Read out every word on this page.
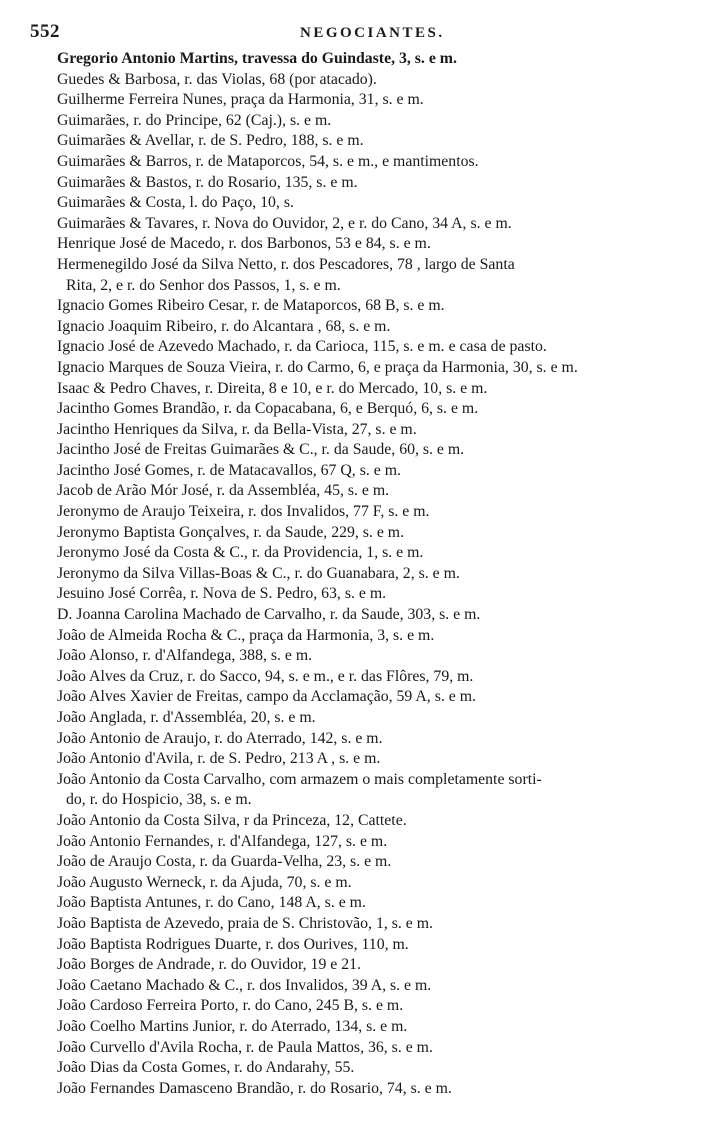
552	NEGOCIANTES.
Gregorio Antonio Martins, travessa do Guindaste, 3, s. e m.
Guedes & Barbosa, r. das Violas, 68 (por atacado).
Guilherme Ferreira Nunes, praça da Harmonia, 31, s. e m.
Guimarães, r. do Principe, 62 (Caj.), s. e m.
Guimarães & Avellar, r. de S. Pedro, 188, s. e m.
Guimarães & Barros, r. de Mataporcos, 54, s. e m., e mantimentos.
Guimarães & Bastos, r. do Rosario, 135, s. e m.
Guimarães & Costa, l. do Paço, 10, s.
Guimarães & Tavares, r. Nova do Ouvidor, 2, e r. do Cano, 34 A, s. e m.
Henrique José de Macedo, r. dos Barbonos, 53 e 84, s. e m.
Hermenegildo José da Silva Netto, r. dos Pescadores, 78 , largo de Santa
Rita, 2, e r. do Senhor dos Passos, 1, s. e m.
Ignacio Gomes Ribeiro Cesar, r. de Mataporcos, 68 B, s. e m.
Ignacio Joaquim Ribeiro, r. do Alcantara , 68, s. e m.
Ignacio José de Azevedo Machado, r. da Carioca, 115, s. e m. e casa de pasto.
Ignacio Marques de Souza Vieira, r. do Carmo, 6, e praça da Harmonia, 30, s. e m.
Isaac & Pedro Chaves, r. Direita, 8 e 10, e r. do Mercado, 10, s. e m.
Jacintho Gomes Brandão, r. da Copacabana, 6, e Berquó, 6, s. e m.
Jacintho Henriques da Silva, r. da Bella-Vista, 27, s. e m.
Jacintho José de Freitas Guimarães & C., r. da Saude, 60, s. e m.
Jacintho José Gomes, r. de Matacavallos, 67 Q, s. e m.
Jacob de Arão Mór José, r. da Assembléa, 45, s. e m.
Jeronymo de Araujo Teixeira, r. dos Invalidos, 77 F, s. e m.
Jeronymo Baptista Gonçalves, r. da Saude, 229, s. e m.
Jeronymo José da Costa & C., r. da Providencia, 1, s. e m.
Jeronymo da Silva Villas-Boas & C., r. do Guanabara, 2, s. e m.
Jesuino José Corrêa, r. Nova de S. Pedro, 63, s. e m.
D. Joanna Carolina Machado de Carvalho, r. da Saude, 303, s. e m.
João de Almeida Rocha & C., praça da Harmonia, 3, s. e m.
João Alonso, r. d'Alfandega, 388, s. e m.
João Alves da Cruz, r. do Sacco, 94, s. e m., e r. das Flôres, 79, m.
João Alves Xavier de Freitas, campo da Acclamação, 59 A, s. e m.
João Anglada, r. d'Assembléa, 20, s. e m.
João Antonio de Araujo, r. do Aterrado, 142, s. e m.
João Antonio d'Avila, r. de S. Pedro, 213 A , s. e m.
João Antonio da Costa Carvalho, com armazem o mais completamente sorti-
do, r. do Hospicio, 38, s. e m.
João Antonio da Costa Silva, r da Princeza, 12, Cattete.
João Antonio Fernandes, r. d'Alfandega, 127, s. e m.
João de Araujo Costa, r. da Guarda-Velha, 23, s. e m.
João Augusto Werneck, r. da Ajuda, 70, s. e m.
João Baptista Antunes, r. do Cano, 148 A, s. e m.
João Baptista de Azevedo, praia de S. Christovão, 1, s. e m.
João Baptista Rodrigues Duarte, r. dos Ourives, 110, m.
João Borges de Andrade, r. do Ouvidor, 19 e 21.
João Caetano Machado & C., r. dos Invalidos, 39 A, s. e m.
João Cardoso Ferreira Porto, r. do Cano, 245 B, s. e m.
João Coelho Martins Junior, r. do Aterrado, 134, s. e m.
João Curvello d'Avila Rocha, r. de Paula Mattos, 36, s. e m.
João Dias da Costa Gomes, r. do Andarahy, 55.
João Fernandes Damasceno Brandão, r. do Rosario, 74, s. e m.
